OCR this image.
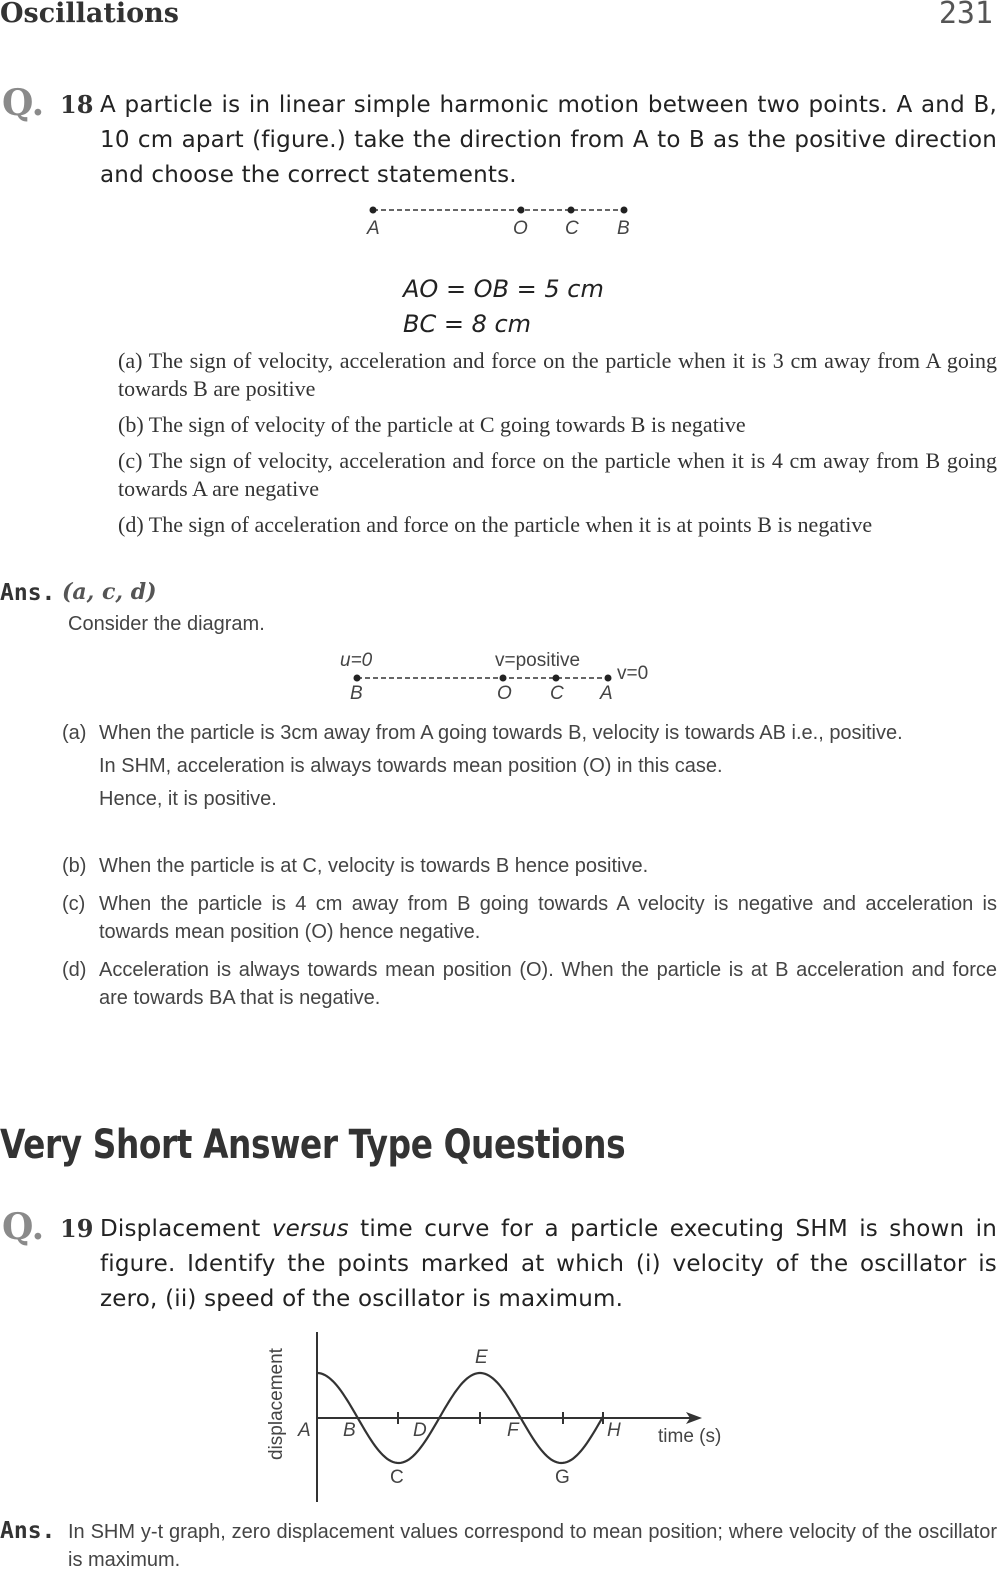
Oscillations	231
Q. 18 A particle is in linear simple harmonic motion between two points. A and B, 10 cm apart (figure.) take the direction from A to B as the positive direction and choose the correct statements.
A	O C B
AO = OB = 5 cm
BC = 8 cm
(a) The sign of velocity, acceleration and force on the particle when it is 3 cm away from A going towards B are positive
(b) The sign of velocity of the particle at C going towards B is negative
(c) The sign of velocity, acceleration and force on the particle when it is 4 cm away from B going towards A are negative
(d) The sign of acceleration and force on the particle when it is at points B is negative
Ans. (a, c, d)
Consider the diagram.
u=0	v=positive
v=0
B	O C A
(a) When the particle is 3cm away from A going towards B, velocity is towards AB i.e., positive.
In SHM, acceleration is always towards mean position (O) in this case.
Hence, it is positive.
(b) When the particle is at C, velocity is towards B hence positive.
(c) When the particle is 4 cm away from B going towards A velocity is negative and acceleration is towards mean position (O) hence negative.
(d) Acceleration is always towards mean position (O). When the particle is at B acceleration and force are towards BA that is negative.
Very Short Answer Type Questions
Q. 19 Displacement versus time curve for a particle executing SHM is shown in figure. Identify the points marked at which (i) velocity of the oscillator is zero, (ii) speed of the oscillator is maximum.
displacement	time (s)
A B
C
D
E
F
G
H
Ans. In SHM y-t graph, zero displacement values correspond to mean position; where velocity of the oscillator is maximum.
